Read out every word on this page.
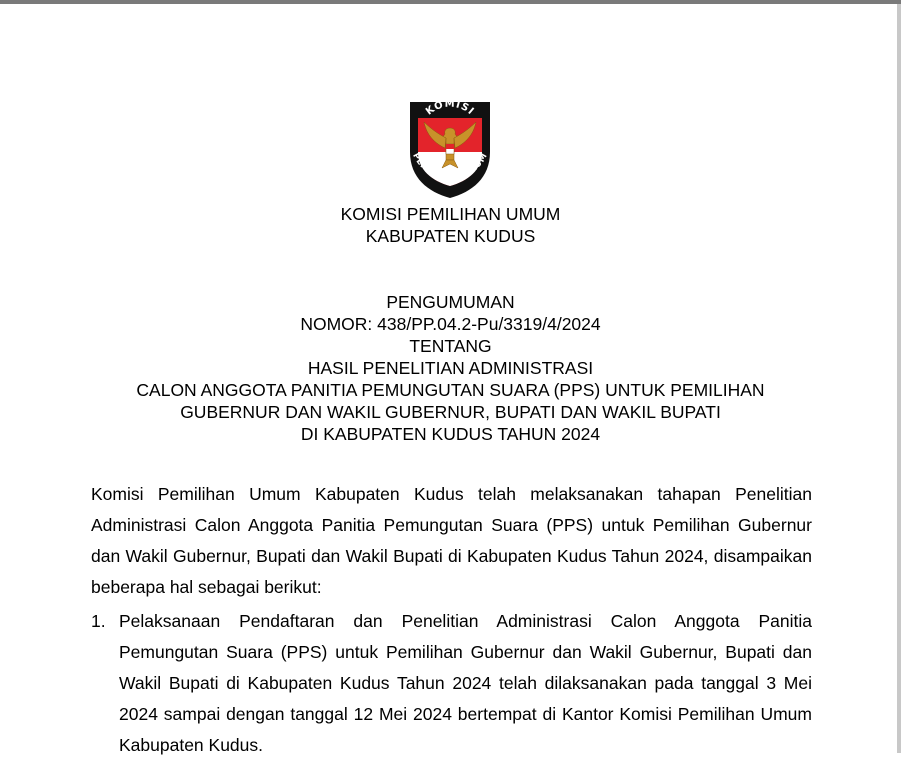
KOMISI
PEMILIHAN UMUM
KOMISI PEMILIHAN UMUM
KABUPATEN KUDUS
PENGUMUMAN
NOMOR: 438/PP.04.2-Pu/3319/4/2024
TENTANG
HASIL PENELITIAN ADMINISTRASI
CALON ANGGOTA PANITIA PEMUNGUTAN SUARA (PPS) UNTUK PEMILIHAN
GUBERNUR DAN WAKIL GUBERNUR, BUPATI DAN WAKIL BUPATI
DI KABUPATEN KUDUS TAHUN 2024

Komisi Pemilihan Umum Kabupaten Kudus telah melaksanakan tahapan Penelitian Administrasi Calon Anggota Panitia Pemungutan Suara (PPS) untuk Pemilihan Gubernur dan Wakil Gubernur, Bupati dan Wakil Bupati di Kabupaten Kudus Tahun 2024, disampaikan beberapa hal sebagai berikut:

1. Pelaksanaan Pendaftaran dan Penelitian Administrasi Calon Anggota Panitia Pemungutan Suara (PPS) untuk Pemilihan Gubernur dan Wakil Gubernur, Bupati dan Wakil Bupati di Kabupaten Kudus Tahun 2024 telah dilaksanakan pada tanggal 3 Mei 2024 sampai dengan tanggal 12 Mei 2024 bertempat di Kantor Komisi Pemilihan Umum Kabupaten Kudus.
